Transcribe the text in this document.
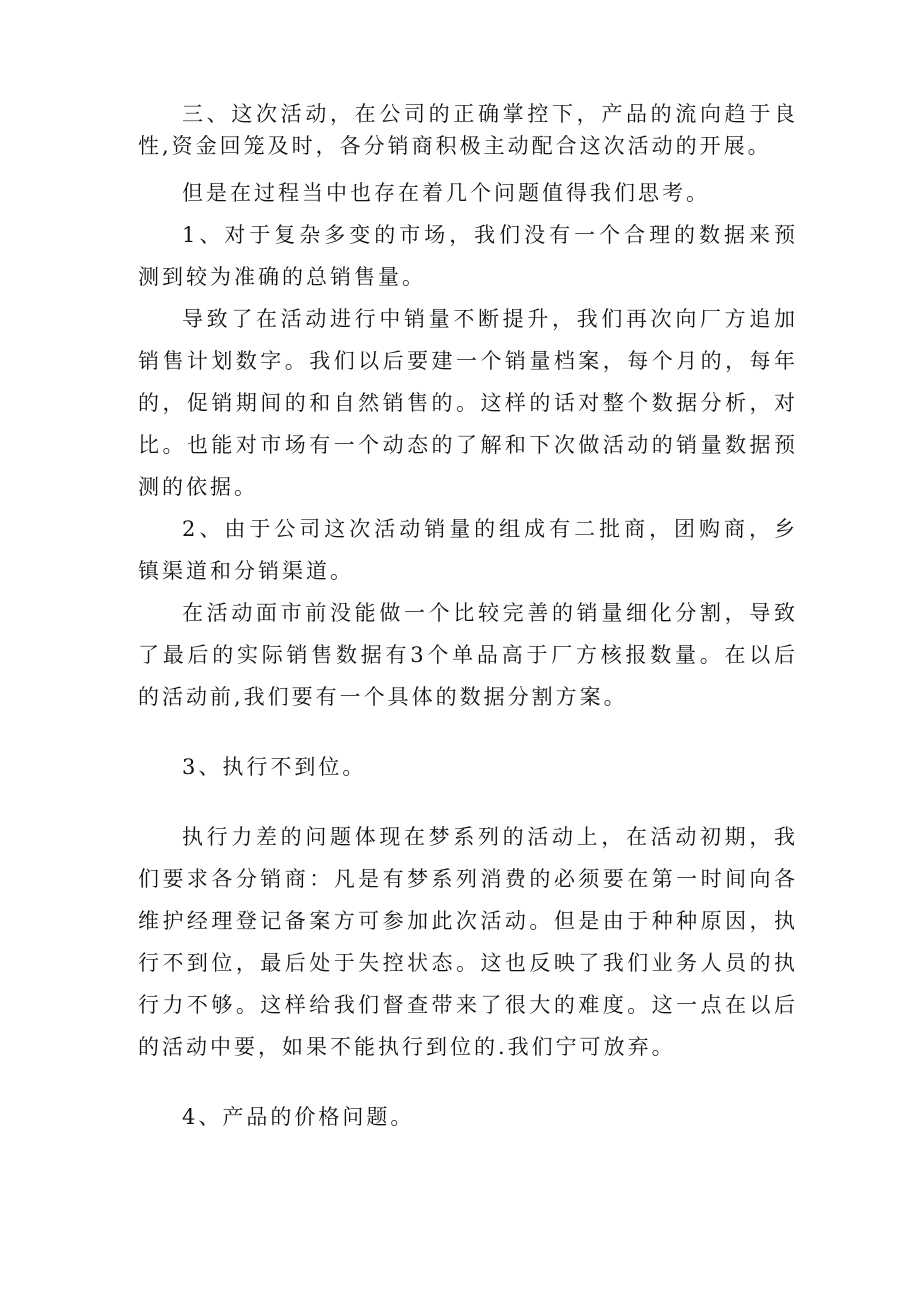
三、这次活动，在公司的正确掌控下，产品的流向趋于良性,资金回笼及时，各分销商积极主动配合这次活动的开展。

但是在过程当中也存在着几个问题值得我们思考。

1、对于复杂多变的市场，我们没有一个合理的数据来预测到较为准确的总销售量。

导致了在活动进行中销量不断提升，我们再次向厂方追加销售计划数字。我们以后要建一个销量档案，每个月的，每年的，促销期间的和自然销售的。这样的话对整个数据分析，对比。也能对市场有一个动态的了解和下次做活动的销量数据预测的依据。

2、由于公司这次活动销量的组成有二批商，团购商，乡镇渠道和分销渠道。

在活动面市前没能做一个比较完善的销量细化分割，导致了最后的实际销售数据有3个单品高于厂方核报数量。在以后的活动前,我们要有一个具体的数据分割方案。

3、执行不到位。

执行力差的问题体现在梦系列的活动上，在活动初期，我们要求各分销商：凡是有梦系列消费的必须要在第一时间向各维护经理登记备案方可参加此次活动。但是由于种种原因，执行不到位，最后处于失控状态。这也反映了我们业务人员的执行力不够。这样给我们督查带来了很大的难度。这一点在以后的活动中要，如果不能执行到位的.我们宁可放弃。

4、产品的价格问题。
